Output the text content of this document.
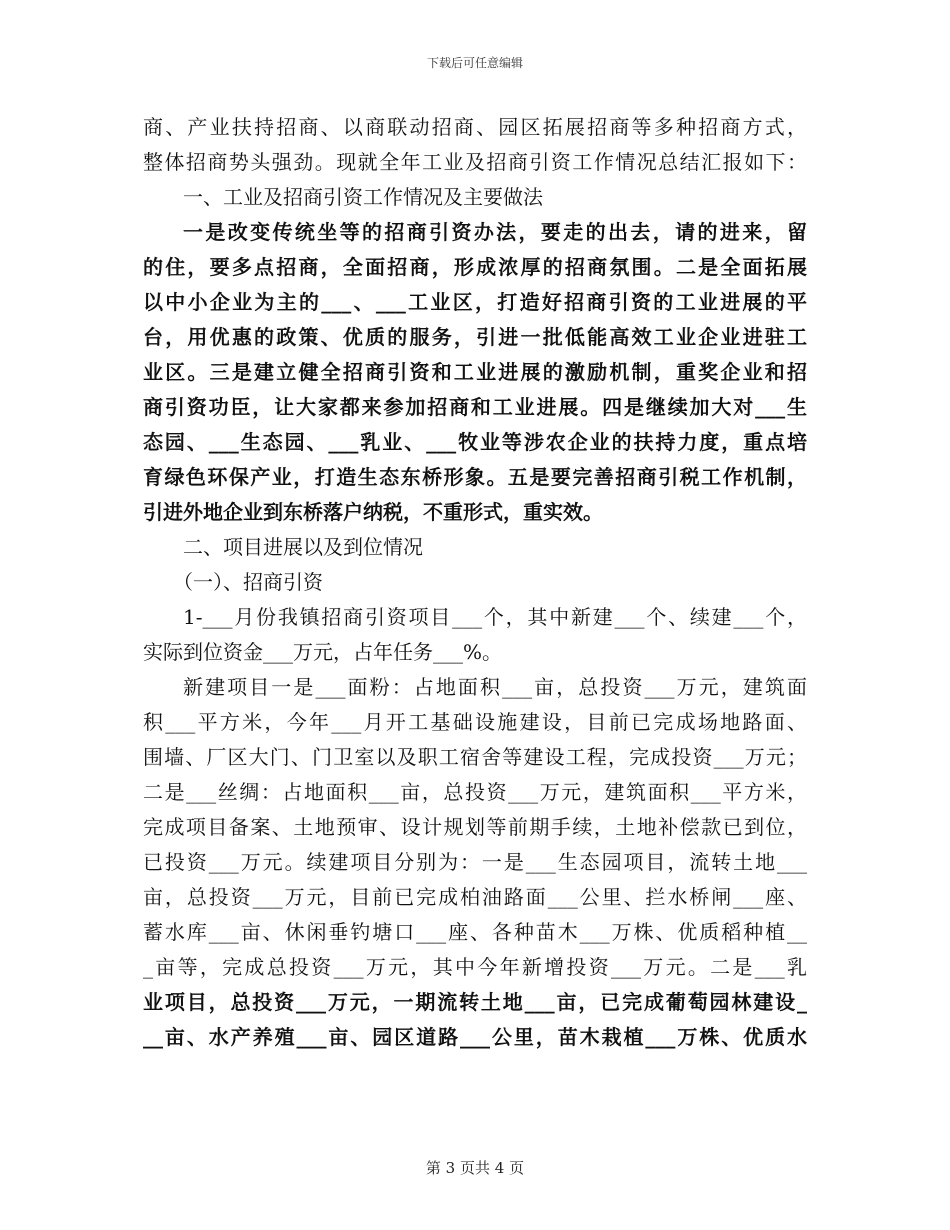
下载后可任意编辑
商、产业扶持招商、以商联动招商、园区拓展招商等多种招商方式，
整体招商势头强劲。现就全年工业及招商引资工作情况总结汇报如下：
一、工业及招商引资工作情况及主要做法
一是改变传统坐等的招商引资办法，要走的出去，请的进来，留
的住，要多点招商，全面招商，形成浓厚的招商氛围。二是全面拓展
以中小企业为主的___、___工业区，打造好招商引资的工业进展的平
台，用优惠的政策、优质的服务，引进一批低能高效工业企业进驻工
业区。三是建立健全招商引资和工业进展的激励机制，重奖企业和招
商引资功臣，让大家都来参加招商和工业进展。四是继续加大对___生
态园、___生态园、___乳业、___牧业等涉农企业的扶持力度，重点培
育绿色环保产业，打造生态东桥形象。五是要完善招商引税工作机制，
引进外地企业到东桥落户纳税，不重形式，重实效。
二、项目进展以及到位情况
（一）、招商引资
1-___月份我镇招商引资项目___个，其中新建___个、续建___个，
实际到位资金___万元，占年任务___%。
新建项目一是___面粉：占地面积___亩，总投资___万元，建筑面
积___平方米，今年___月开工基础设施建设，目前已完成场地路面、
围墙、厂区大门、门卫室以及职工宿舍等建设工程，完成投资___万元；
二是___丝绸：占地面积___亩，总投资___万元，建筑面积___平方米，
完成项目备案、土地预审、设计规划等前期手续，土地补偿款已到位，
已投资___万元。续建项目分别为：一是___生态园项目，流转土地___
亩，总投资___万元，目前已完成柏油路面___公里、拦水桥闸___座、
蓄水库___亩、休闲垂钓塘口___座、各种苗木___万株、优质稻种植__
_亩等，完成总投资___万元，其中今年新增投资___万元。二是___乳
业项目，总投资___万元，一期流转土地___亩，已完成葡萄园林建设_
__亩、水产养殖___亩、园区道路___公里，苗木栽植___万株、优质水
第 3 页共 4 页
